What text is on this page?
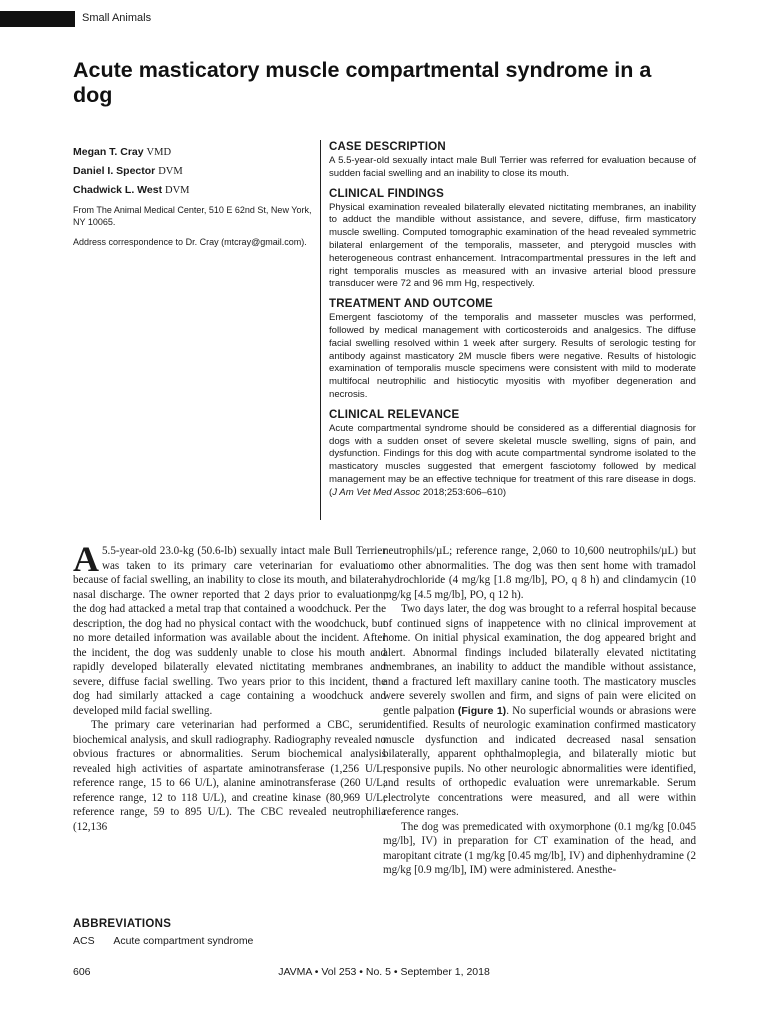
Small Animals
Acute masticatory muscle compartmental syndrome in a dog
Megan T. Cray VMD
Daniel I. Spector DVM
Chadwick L. West DVM
From The Animal Medical Center, 510 E 62nd St, New York, NY 10065.
Address correspondence to Dr. Cray (mtcray@gmail.com).
CASE DESCRIPTION

A 5.5-year-old sexually intact male Bull Terrier was referred for evaluation because of sudden facial swelling and an inability to close its mouth.

CLINICAL FINDINGS

Physical examination revealed bilaterally elevated nictitating membranes, an inability to adduct the mandible without assistance, and severe, diffuse, firm masticatory muscle swelling. Computed tomographic examination of the head revealed symmetric bilateral enlargement of the temporalis, masseter, and pterygoid muscles with heterogeneous contrast enhancement. Intracompartmental pressures in the left and right temporalis muscles as measured with an invasive arterial blood pressure transducer were 72 and 96 mm Hg, respectively.

TREATMENT AND OUTCOME

Emergent fasciotomy of the temporalis and masseter muscles was performed, followed by medical management with corticosteroids and analgesics. The diffuse facial swelling resolved within 1 week after surgery. Results of serologic testing for antibody against masticatory 2M muscle fibers were negative. Results of histologic examination of temporalis muscle specimens were consistent with mild to moderate multifocal neutrophilic and histiocytic myositis with myofiber degeneration and necrosis.

CLINICAL RELEVANCE

Acute compartmental syndrome should be considered as a differential diagnosis for dogs with a sudden onset of severe skeletal muscle swelling, signs of pain, and dysfunction. Findings for this dog with acute compartmental syndrome isolated to the masticatory muscles suggested that emergent fasciotomy followed by medical management may be an effective technique for treatment of this rare disease in dogs. (J Am Vet Med Assoc 2018;253:606–610)

A 5.5-year-old 23.0-kg (50.6-lb) sexually intact male Bull Terrier was taken to its primary care veterinarian for evaluation because of facial swelling, an inability to close its mouth, and bilateral nasal discharge. The owner reported that 2 days prior to evaluation, the dog had attacked a metal trap that contained a woodchuck. Per the description, the dog had no physical contact with the woodchuck, but no more detailed information was available about the incident. After the incident, the dog was suddenly unable to close his mouth and rapidly developed bilaterally elevated nictitating membranes and severe, diffuse facial swelling. Two years prior to this incident, the dog had similarly attacked a cage containing a woodchuck and developed mild facial swelling.

The primary care veterinarian had performed a CBC, serum biochemical analysis, and skull radiography. Radiography revealed no obvious fractures or abnormalities. Serum biochemical analysis revealed high activities of aspartate aminotransferase (1,256 U/L; reference range, 15 to 66 U/L), alanine aminotransferase (260 U/L; reference range, 12 to 118 U/L), and creatine kinase (80,969 U/L; reference range, 59 to 895 U/L). The CBC revealed neutrophilia (12,136

neutrophils/µL; reference range, 2,060 to 10,600 neutrophils/µL) but no other abnormalities. The dog was then sent home with tramadol hydrochloride (4 mg/kg [1.8 mg/lb], PO, q 8 h) and clindamycin (10 mg/kg [4.5 mg/lb], PO, q 12 h).

Two days later, the dog was brought to a referral hospital because of continued signs of inappetence with no clinical improvement at home. On initial physical examination, the dog appeared bright and alert. Abnormal findings included bilaterally elevated nictitating membranes, an inability to adduct the mandible without assistance, and a fractured left maxillary canine tooth. The masticatory muscles were severely swollen and firm, and signs of pain were elicited on gentle palpation (Figure 1). No superficial wounds or abrasions were identified. Results of neurologic examination confirmed masticatory muscle dysfunction and indicated decreased nasal sensation bilaterally, apparent ophthalmoplegia, and bilaterally miotic but responsive pupils. No other neurologic abnormalities were identified, and results of orthopedic evaluation were unremarkable. Serum electrolyte concentrations were measured, and all were within reference ranges.

The dog was premedicated with oxymorphone (0.1 mg/kg [0.045 mg/lb], IV) in preparation for CT examination of the head, and maropitant citrate (1 mg/kg [0.45 mg/lb], IV) and diphenhydramine (2 mg/kg [0.9 mg/lb], IM) were administered. Anesthe-

ABBREVIATIONS
ACS Acute compartment syndrome
606	JAVMA • Vol 253 • No. 5 • September 1, 2018
